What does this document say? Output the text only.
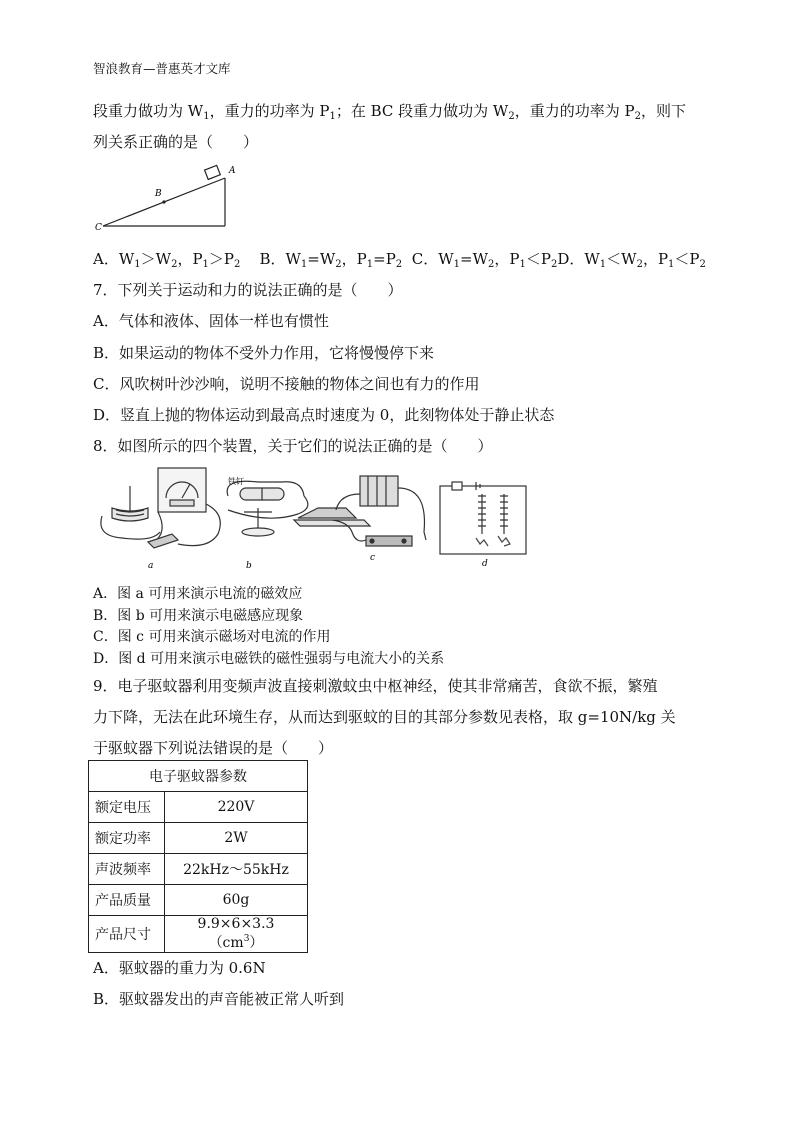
智浪教育—普惠英才文库
段重力做功为 $W_1$，重力的功率为 $P_1$；在 BC 段重力做功为 $W_2$，重力的功率为 $P_2$，则下
列关系正确的是（　　）
A
B
C
A．$W_1>W_2$，$P_1>P_2$ B．$W_1=W_2$，$P_1=P_2$ C．$W_1=W_2$，$P_1<P_2D$．$W_1<W_2$，$P_1<P_2$
7．下列关于运动和力的说法正确的是（　　）
A．气体和液体、固体一样也有惯性
B．如果运动的物体不受外力作用，它将慢慢停下来
C．风吹树叶沙沙响，说明不接触的物体之间也有力的作用
D．竖直上抛的物体运动到最高点时速度为 0，此刻物体处于静止状态
8．如图所示的四个装置，关于它们的说法正确的是（　　）
a
铁钉
b
c
d
A．图 a 可用来演示电流的磁效应
B．图 b 可用来演示电磁感应现象
C．图 c 可用来演示磁场对电流的作用
D．图 d 可用来演示电磁铁的磁性强弱与电流大小的关系
9．电子驱蚊器利用变频声波直接刺激蚊虫中枢神经，使其非常痛苦，食欲不振，繁殖
力下降，无法在此环境生存，从而达到驱蚊的目的其部分参数见表格，取 g=10N/kg 关
于驱蚊器下列说法错误的是（　　）
电子驱蚊器参数	
额定电压	220V
额定功率	2W
声波频率	22kHz～55kHz
产品质量	60g
产品尺寸	$9.9\times 6\times 3.3(cm^3)$
A．驱蚊器的重力为 0.6N
B．驱蚊器发出的声音能被正常人听到
